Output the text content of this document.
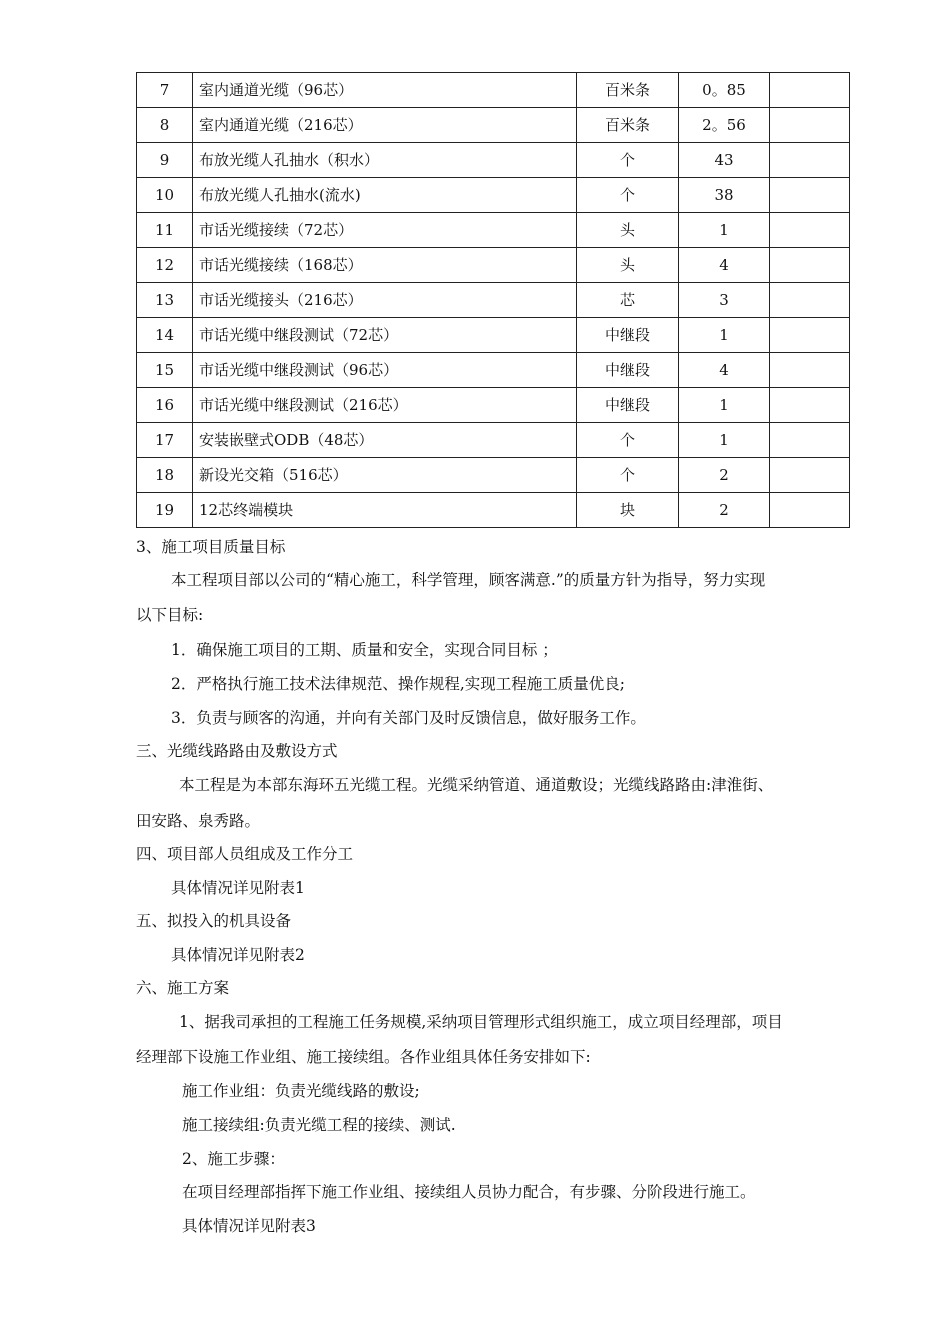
7	室内通道光缆（96芯）	百米条	0。85	
8	室内通道光缆（216芯）	百米条	2。56	
9	布放光缆人孔抽水（积水）	个	43	
10	布放光缆人孔抽水(流水)	个	38	
11	市话光缆接续（72芯）	头	1	
12	市话光缆接续（168芯）	头	4	
13	市话光缆接头（216芯）	芯	3	
14	市话光缆中继段测试（72芯）	中继段	1	
15	市话光缆中继段测试（96芯）	中继段	4	
16	市话光缆中继段测试（216芯）	中继段	1	
17	安装嵌壁式ODB（48芯）	个	1	
18	新设光交箱（516芯）	个	2	
19	12芯终端模块	块	2	

3、施工项目质量目标

本工程项目部以公司的“精心施工，科学管理，顾客满意.”的质量方针为指导，努力实现

以下目标:

1．确保施工项目的工期、质量和安全，实现合同目标 ；

2．严格执行施工技术法律规范、操作规程,实现工程施工质量优良;

3．负责与顾客的沟通，并向有关部门及时反馈信息，做好服务工作。

三、光缆线路路由及敷设方式

本工程是为本部东海环五光缆工程。光缆采纳管道、通道敷设；光缆线路路由:津淮街、

田安路、泉秀路。

四、项目部人员组成及工作分工

具体情况详见附表1

五、拟投入的机具设备

具体情况详见附表2

六、施工方案

1、据我司承担的工程施工任务规模,采纳项目管理形式组织施工，成立项目经理部，项目

经理部下设施工作业组、施工接续组。各作业组具体任务安排如下:

施工作业组：负责光缆线路的敷设;

施工接续组:负责光缆工程的接续、测试.

2、施工步骤：

在项目经理部指挥下施工作业组、接续组人员协力配合，有步骤、分阶段进行施工。

具体情况详见附表3
